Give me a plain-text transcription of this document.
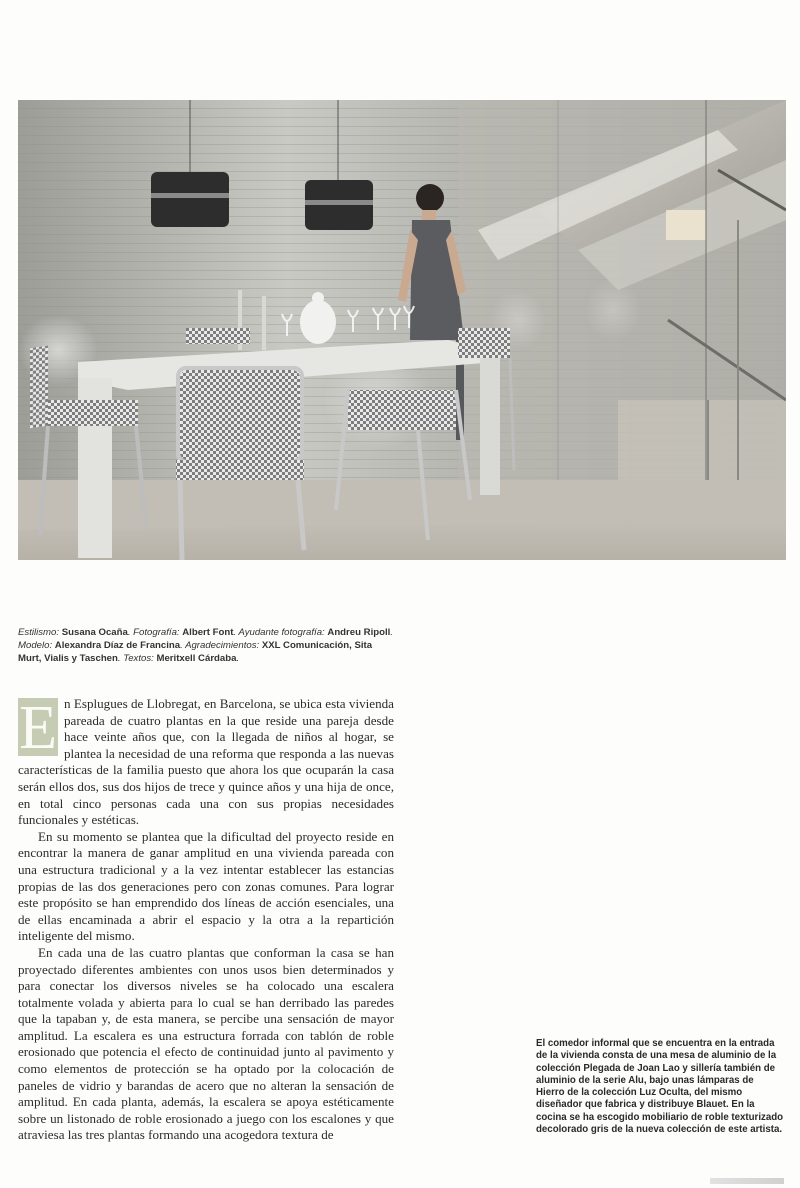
Estilismo: Susana Ocaña. Fotografía: Albert Font. Ayudante fotografía: Andreu Ripoll. Modelo: Alexandra Díaz de Francina. Agradecimientos: XXL Comunicación, Sita Murt, Vialis y Taschen. Textos: Meritxell Cárdaba.

E n Esplugues de Llobregat, en Barcelona, se ubica esta vivienda pareada de cuatro plantas en la que reside una pareja desde hace veinte años que, con la llegada de niños al hogar, se plantea la necesidad de una reforma que responda a las nuevas características de la familia puesto que ahora los que ocuparán la casa serán ellos dos, sus dos hijos de trece y quince años y una hija de once, en total cinco personas cada una con sus propias necesidades funcionales y estéticas.

En su momento se plantea que la dificultad del proyecto reside en encontrar la manera de ganar amplitud en una vivienda pareada con una estructura tradicional y a la vez intentar establecer las estancias propias de las dos generaciones pero con zonas comunes. Para lograr este propósito se han emprendido dos líneas de acción esenciales, una de ellas encaminada a abrir el espacio y la otra a la repartición inteligente del mismo.

En cada una de las cuatro plantas que conforman la casa se han proyectado diferentes ambientes con unos usos bien determinados y para conectar los diversos niveles se ha colocado una escalera totalmente volada y abierta para lo cual se han derribado las paredes que la tapaban y, de esta manera, se percibe una sensación de mayor amplitud. La escalera es una estructura forrada con tablón de roble erosionado que potencia el efecto de continuidad junto al pavimento y como elementos de protección se ha optado por la colocación de paneles de vidrio y barandas de acero que no alteran la sensación de amplitud. En cada planta, además, la escalera se apoya estéticamente sobre un listonado de roble erosionado a juego con los escalones y que atraviesa las tres plantas formando una acogedora textura de

El comedor informal que se encuentra en la entrada de la vivienda consta de una mesa de aluminio de la colección Plegada de Joan Lao y sillería también de aluminio de la serie Alu, bajo unas lámparas de Hierro de la colección Luz Oculta, del mismo diseñador que fabrica y distribuye Blauet. En la cocina se ha escogido mobiliario de roble texturizado decolorado gris de la nueva colección de este artista.
